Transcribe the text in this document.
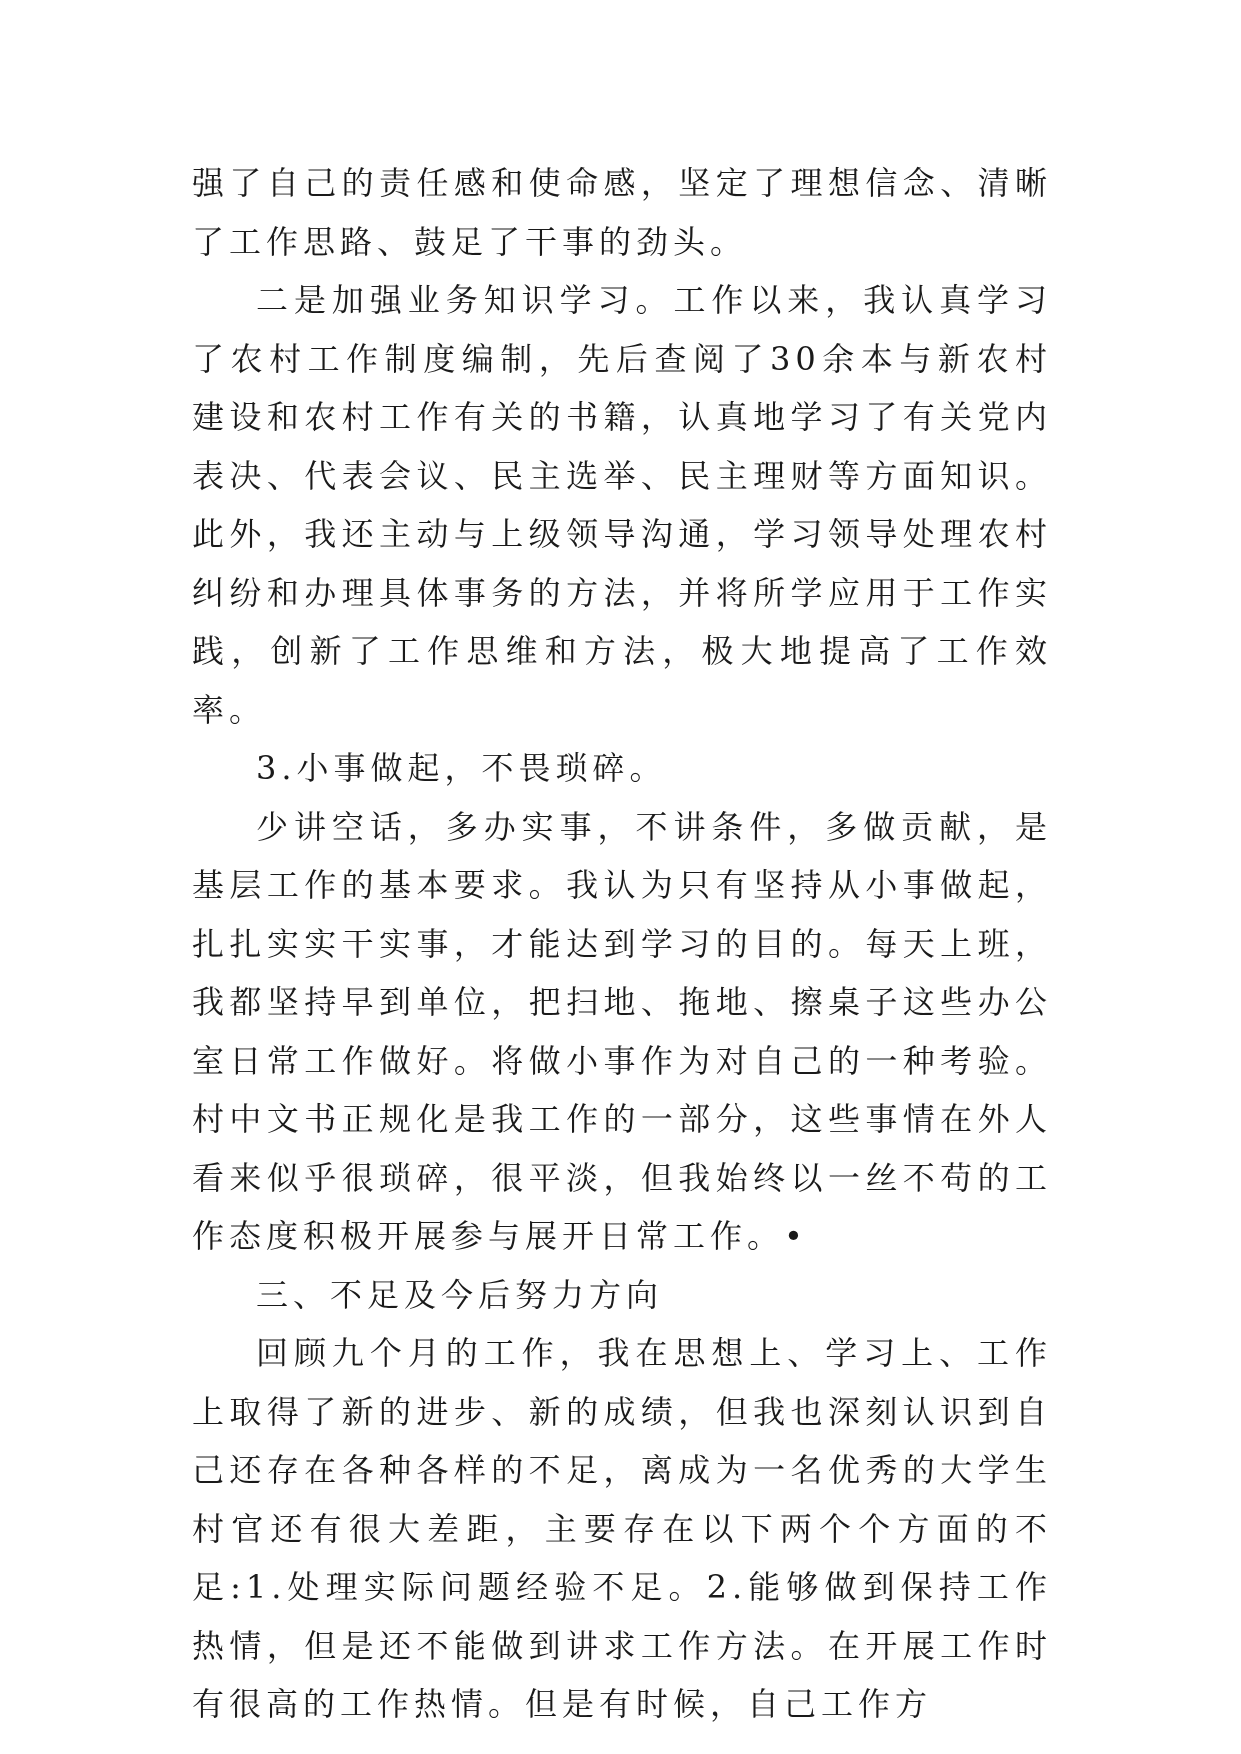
强了自己的责任感和使命感，坚定了理想信念、清晰了工作思路、鼓足了干事的劲头。

二是加强业务知识学习。工作以来，我认真学习了农村工作制度编制，先后查阅了30余本与新农村建设和农村工作有关的书籍，认真地学习了有关党内表决、代表会议、民主选举、民主理财等方面知识。此外，我还主动与上级领导沟通，学习领导处理农村纠纷和办理具体事务的方法，并将所学应用于工作实践，创新了工作思维和方法，极大地提高了工作效率。

3.小事做起，不畏琐碎。

少讲空话，多办实事，不讲条件，多做贡献，是基层工作的基本要求。我认为只有坚持从小事做起，扎扎实实干实事，才能达到学习的目的。每天上班，我都坚持早到单位，把扫地、拖地、擦桌子这些办公室日常工作做好。将做小事作为对自己的一种考验。村中文书正规化是我工作的一部分，这些事情在外人看来似乎很琐碎，很平淡，但我始终以一丝不苟的工作态度积极开展参与展开日常工作。•

三、不足及今后努力方向

回顾九个月的工作，我在思想上、学习上、工作上取得了新的进步、新的成绩，但我也深刻认识到自己还存在各种各样的不足，离成为一名优秀的大学生村官还有很大差距，主要存在以下两个个方面的不足:1.处理实际问题经验不足。2.能够做到保持工作热情，但是还不能做到讲求工作方法。在开展工作时有很高的工作热情。但是有时候，自己工作方
